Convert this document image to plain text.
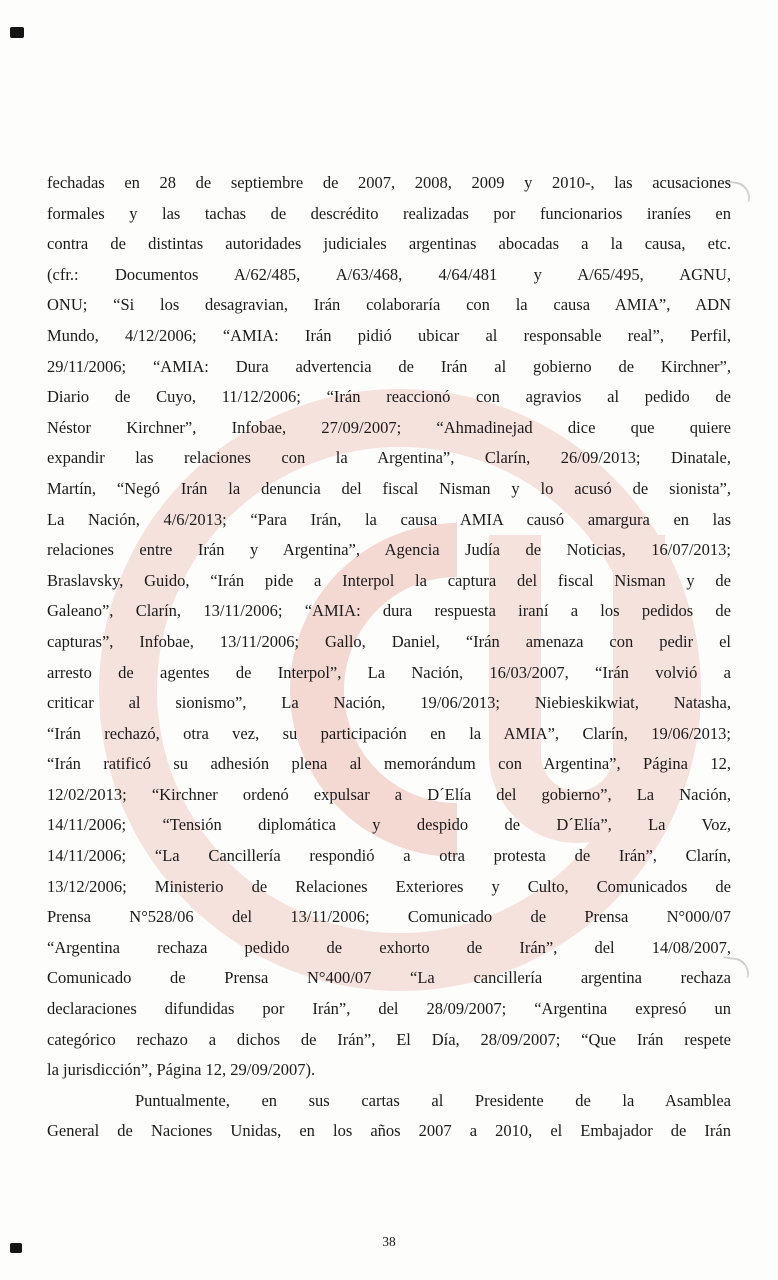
fechadas en 28 de septiembre de 2007, 2008, 2009 y 2010-, las acusaciones
formales y las tachas de descrédito realizadas por funcionarios iraníes en
contra de distintas autoridades judiciales argentinas abocadas a la causa, etc.
(cfr.: Documentos A/62/485, A/63/468, 4/64/481 y A/65/495, AGNU,
ONU; “Si los desagravian, Irán colaboraría con la causa AMIA”, ADN
Mundo, 4/12/2006; “AMIA: Irán pidió ubicar al responsable real”, Perfil,
29/11/2006; “AMIA: Dura advertencia de Irán al gobierno de Kirchner”,
Diario de Cuyo, 11/12/2006; “Irán reaccionó con agravios al pedido de
Néstor Kirchner”, Infobae, 27/09/2007; “Ahmadinejad dice que quiere
expandir las relaciones con la Argentina”, Clarín, 26/09/2013; Dinatale,
Martín, “Negó Irán la denuncia del fiscal Nisman y lo acusó de sionista”,
La Nación, 4/6/2013; “Para Irán, la causa AMIA causó amargura en las
relaciones entre Irán y Argentina”, Agencia Judía de Noticias, 16/07/2013;
Braslavsky, Guido, “Irán pide a Interpol la captura del fiscal Nisman y de
Galeano”, Clarín, 13/11/2006; “AMIA: dura respuesta iraní a los pedidos de
capturas”, Infobae, 13/11/2006; Gallo, Daniel, “Irán amenaza con pedir el
arresto de agentes de Interpol”, La Nación, 16/03/2007, “Irán volvió a
criticar al sionismo”, La Nación, 19/06/2013; Niebieskikwiat, Natasha,
“Irán rechazó, otra vez, su participación en la AMIA”, Clarín, 19/06/2013;
“Irán ratificó su adhesión plena al memorándum con Argentina”, Página 12,
12/02/2013; “Kirchner ordenó expulsar a D´Elía del gobierno”, La Nación,
14/11/2006; “Tensión diplomática y despido de D´Elía”, La Voz,
14/11/2006; “La Cancillería respondió a otra protesta de Irán”, Clarín,
13/12/2006; Ministerio de Relaciones Exteriores y Culto, Comunicados de
Prensa N°528/06 del 13/11/2006; Comunicado de Prensa N°000/07
“Argentina rechaza pedido de exhorto de Irán”, del 14/08/2007,
Comunicado de Prensa N°400/07 “La cancillería argentina rechaza
declaraciones difundidas por Irán”, del 28/09/2007; “Argentina expresó un
categórico rechazo a dichos de Irán”, El Día, 28/09/2007; “Que Irán respete
la jurisdicción”, Página 12, 29/09/2007).
Puntualmente, en sus cartas al Presidente de la Asamblea
General de Naciones Unidas, en los años 2007 a 2010, el Embajador de Irán
38
